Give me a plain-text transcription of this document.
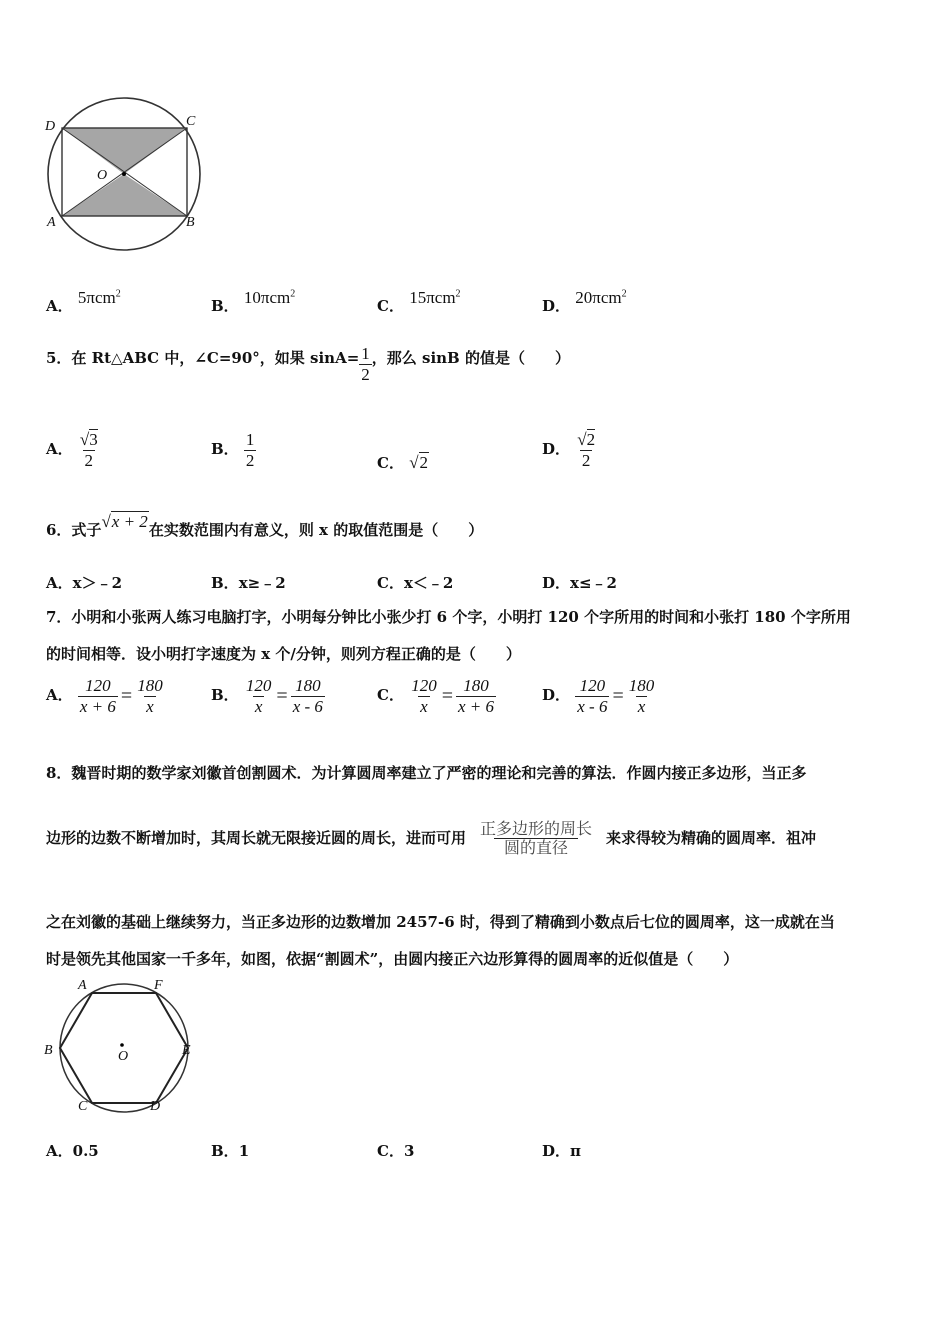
D	C
O
A	B
A． 5πcm$^2$
B． 10πcm$^2$
C． 15πcm$^2$
D． 20πcm$^2$
5．在 Rt△ABC 中，∠C=90°，如果 $\sin A= \frac{1}{2}$ ，那么 sinB 的值是（　　）
A． $\frac{√3}{2}$	B． $\frac{1}{2}$	C． √2
D． $\frac{√2}{2}$
6．式子√x + 2在实数范围内有意义，则 x 的取值范围是（　　）
A．x＞﹣2	B．x≥﹣2	C．x＜﹣2	D．x≤﹣2
7．小明和小张两人练习电脑打字，小明每分钟比小张少打 6 个字，小明打 120 个字所用的时间和小张打 180 个字所用
的时间相等．设小明打字速度为 x 个/分钟，则列方程正确的是（　　）
A． $\frac{120}{x + 6} = \frac{180}{x}$	B． $\frac{120}{x} = \frac{180}{x - 6}$	C． $\frac{120}{x} = \frac{180}{x + 6}$	D． $\frac{120}{x - 6} = \frac{180}{x}$
8．魏晋时期的数学家刘徽首创割圆术．为计算圆周率建立了严密的理论和完善的算法．作圆内接正多边形，当正多
边形的边数不断增加时，其周长就无限接近圆的周长，进而可用 $\frac{\text{正多边形的周长}}{\text{圆的直径}}$ 来求得较为精确的圆周率．祖冲
之在刘徽的基础上继续努力，当正多边形的边数增加 2457-6 时，得到了精确到小数点后七位的圆周率，这一成就在当
时是领先其他国家一千多年，如图，依据“割圆术”，由圆内接正六边形算得的圆周率的近似值是（　　）
A	F
B	E
O
C	D
A．0.5	B．1	C．3	D．π
